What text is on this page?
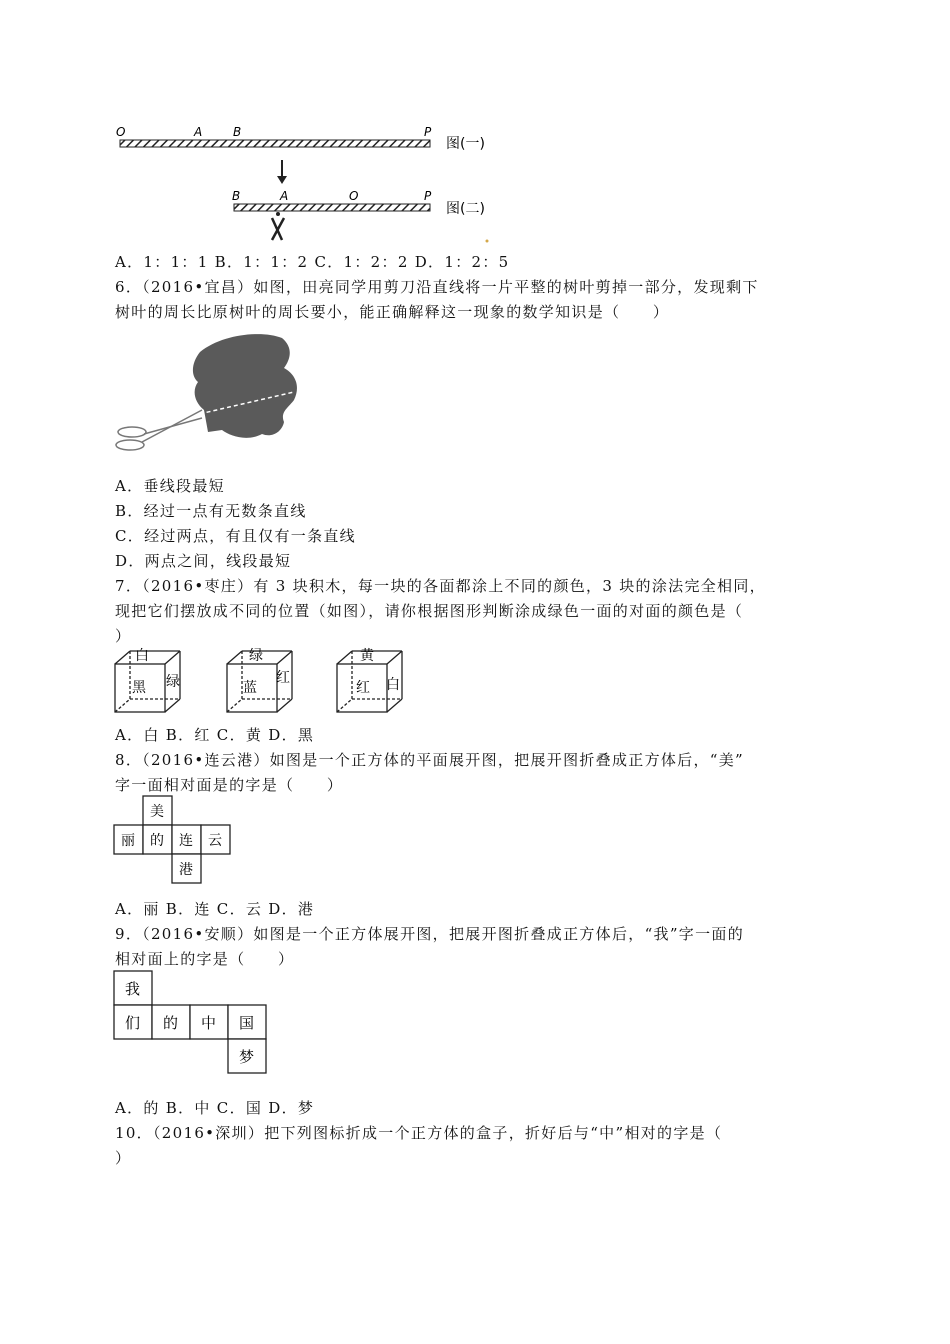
O	A	B	P
图(一)
B	A	O	P
图(二)
A．1：1：1 B．1：1：2 C．1：2：2 D．1：2：5
6．（2016•宜昌）如图，田亮同学用剪刀沿直线将一片平整的树叶剪掉一部分，发现剩下
树叶的周长比原树叶的周长要小，能正确解释这一现象的数学知识是（　　）
A．垂线段最短
B．经过一点有无数条直线
C．经过两点，有且仅有一条直线
D．两点之间，线段最短
7．（2016•枣庄）有 3 块积木，每一块的各面都涂上不同的颜色，3 块的涂法完全相同，
现把它们摆放成不同的位置（如图），请你根据图形判断涂成绿色一面的对面的颜色是（
）
白
黑 绿
绿
蓝
红
黄
红 白
A．白 B．红 C．黄 D．黑
8．（2016•连云港）如图是一个正方体的平面展开图，把展开图折叠成正方体后，“美”
字一面相对面是的字是（　　）
美
丽 的 连 云
港
A．丽 B．连 C．云 D．港
9．（2016•安顺）如图是一个正方体展开图，把展开图折叠成正方体后，“我”字一面的
相对面上的字是（　　）
我
们 的 中 国
梦
A．的 B．中 C．国 D．梦
10．（2016•深圳）把下列图标折成一个正方体的盒子，折好后与“中”相对的字是（
）
